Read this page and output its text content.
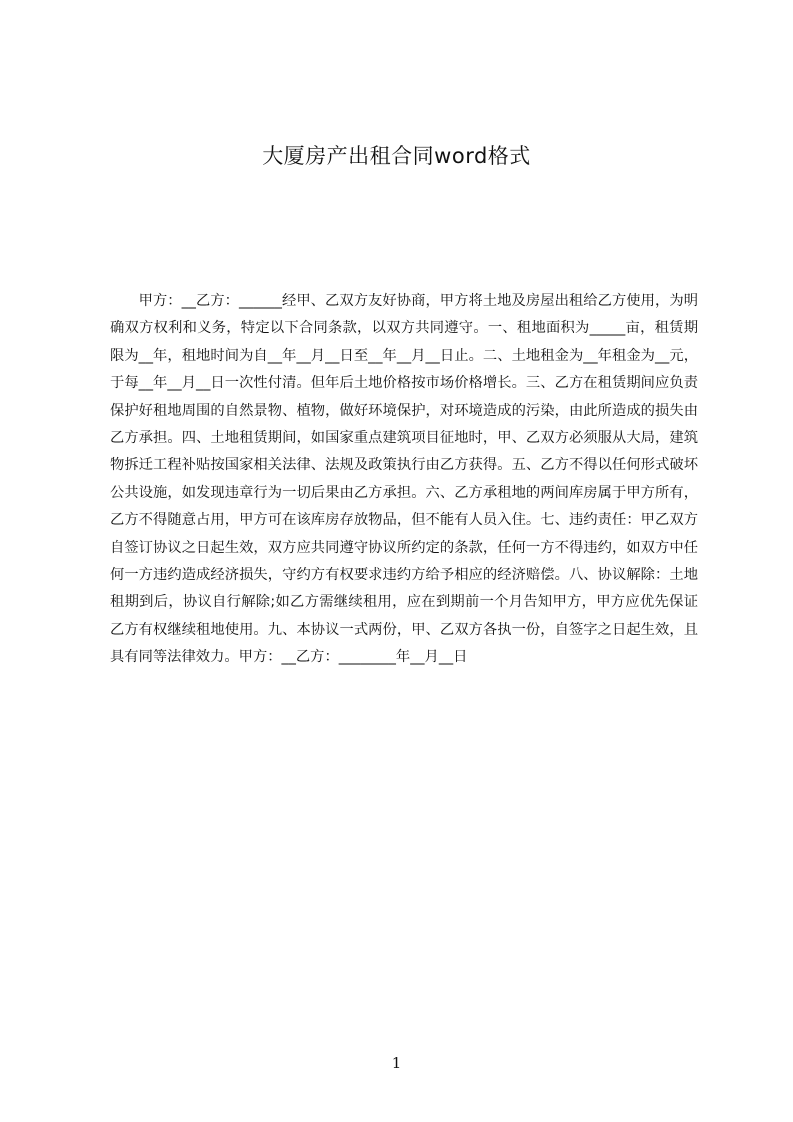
大厦房产出租合同word格式

甲方：__乙方：______经甲、乙双方友好协商，甲方将土地及房屋出租给乙方使用，为明确双方权利和义务，特定以下合同条款，以双方共同遵守。一、租地面积为_____亩，租赁期限为__年，租地时间为自__年__月__日至__年__月__日止。二、土地租金为__年租金为__元，于每__年__月__日一次性付清。但年后土地价格按市场价格增长。三、乙方在租赁期间应负责保护好租地周围的自然景物、植物，做好环境保护，对环境造成的污染，由此所造成的损失由乙方承担。四、土地租赁期间，如国家重点建筑项目征地时，甲、乙双方必须服从大局，建筑物拆迁工程补贴按国家相关法律、法规及政策执行由乙方获得。五、乙方不得以任何形式破坏公共设施，如发现违章行为一切后果由乙方承担。六、乙方承租地的两间库房属于甲方所有，乙方不得随意占用，甲方可在该库房存放物品，但不能有人员入住。七、违约责任：甲乙双方自签订协议之日起生效，双方应共同遵守协议所约定的条款，任何一方不得违约，如双方中任何一方违约造成经济损失，守约方有权要求违约方给予相应的经济赔偿。八、协议解除：土地租期到后，协议自行解除;如乙方需继续租用，应在到期前一个月告知甲方，甲方应优先保证乙方有权继续租地使用。九、本协议一式两份，甲、乙双方各执一份，自签字之日起生效，且具有同等法律效力。甲方：__乙方：________年__月__日

1
